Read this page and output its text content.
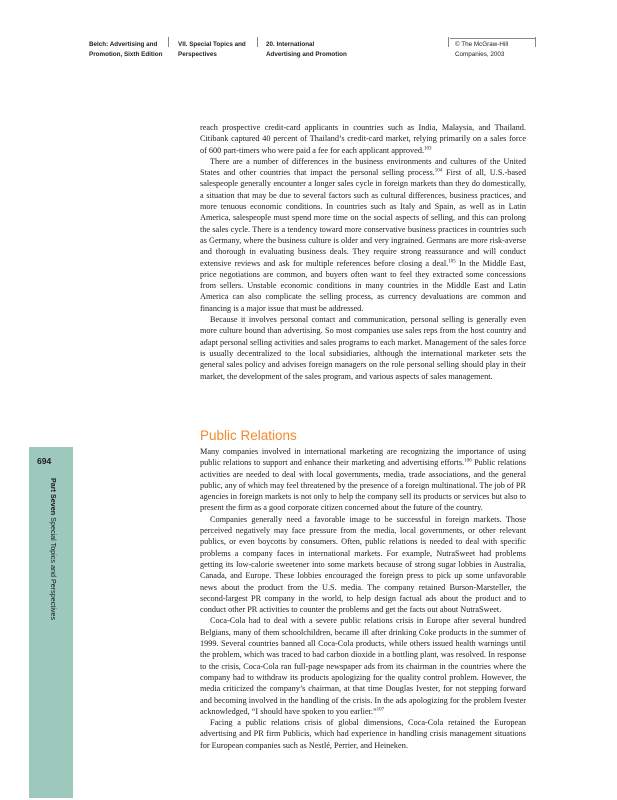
Belch: Advertising and
Promotion, Sixth Edition
VII. Special Topics and
Perspectives
20. International
Advertising and Promotion
© The McGraw-Hill
Companies, 2003
694
Part Seven Special Topics and Perspectives

reach prospective credit-card applicants in countries such as India, Malaysia, and Thailand. Citibank captured 40 percent of Thailand’s credit-card market, relying primarily on a sales force of 600 part-timers who were paid a fee for each applicant approved.$^{103}$

There are a number of differences in the business environments and cultures of the United States and other countries that impact the personal selling process.$^{104}$ First of all, U.S.-based salespeople generally encounter a longer sales cycle in foreign markets than they do domestically, a situation that may be due to several factors such as cultural differences, business practices, and more tenuous economic conditions. In countries such as Italy and Spain, as well as in Latin America, salespeople must spend more time on the social aspects of selling, and this can prolong the sales cycle. There is a tendency toward more conservative business practices in countries such as Germany, where the business culture is older and very ingrained. Germans are more risk-averse and thorough in evaluating business deals. They require strong reassurance and will conduct extensive reviews and ask for multiple references before closing a deal.$^{105}$ In the Middle East, price negotiations are common, and buyers often want to feel they extracted some concessions from sellers. Unstable economic conditions in many countries in the Middle East and Latin America can also complicate the selling process, as currency devaluations are common and financing is a major issue that must be addressed.

Because it involves personal contact and communication, personal selling is generally even more culture bound than advertising. So most companies use sales reps from the host country and adapt personal selling activities and sales programs to each market. Management of the sales force is usually decentralized to the local subsidiaries, although the international marketer sets the general sales policy and advises foreign managers on the role personal selling should play in their market, the development of the sales program, and various aspects of sales management.

Public Relations

Many companies involved in international marketing are recognizing the importance of using public relations to support and enhance their marketing and advertising efforts.$^{106}$ Public relations activities are needed to deal with local governments, media, trade associations, and the general public, any of which may feel threatened by the presence of a foreign multinational. The job of PR agencies in foreign markets is not only to help the company sell its products or services but also to present the firm as a good corporate citizen concerned about the future of the country.

Companies generally need a favorable image to be successful in foreign markets. Those perceived negatively may face pressure from the media, local governments, or other relevant publics, or even boycotts by consumers. Often, public relations is needed to deal with specific problems a company faces in international markets. For example, NutraSweet had problems getting its low-calorie sweetener into some markets because of strong sugar lobbies in Australia, Canada, and Europe. These lobbies encouraged the foreign press to pick up some unfavorable news about the product from the U.S. media. The company retained Burson-Marsteller, the second-largest PR company in the world, to help design factual ads about the product and to conduct other PR activities to counter the problems and get the facts out about NutraSweet.

Coca-Cola had to deal with a severe public relations crisis in Europe after several hundred Belgians, many of them schoolchildren, became ill after drinking Coke products in the summer of 1999. Several countries banned all Coca-Cola products, while others issued health warnings until the problem, which was traced to bad carbon dioxide in a bottling plant, was resolved. In response to the crisis, Coca-Cola ran full-page newspaper ads from its chairman in the countries where the company had to withdraw its products apologizing for the quality control problem. However, the media criticized the company’s chairman, at that time Douglas Ivester, for not stepping forward and becoming involved in the handling of the crisis. In the ads apologizing for the problem Ivester acknowledged, “I should have spoken to you earlier.”$^{107}$

Facing a public relations crisis of global dimensions, Coca-Cola retained the European advertising and PR firm Publicis, which had experience in handling crisis management situations for European companies such as Nestlé, Perrier, and Heineken.
